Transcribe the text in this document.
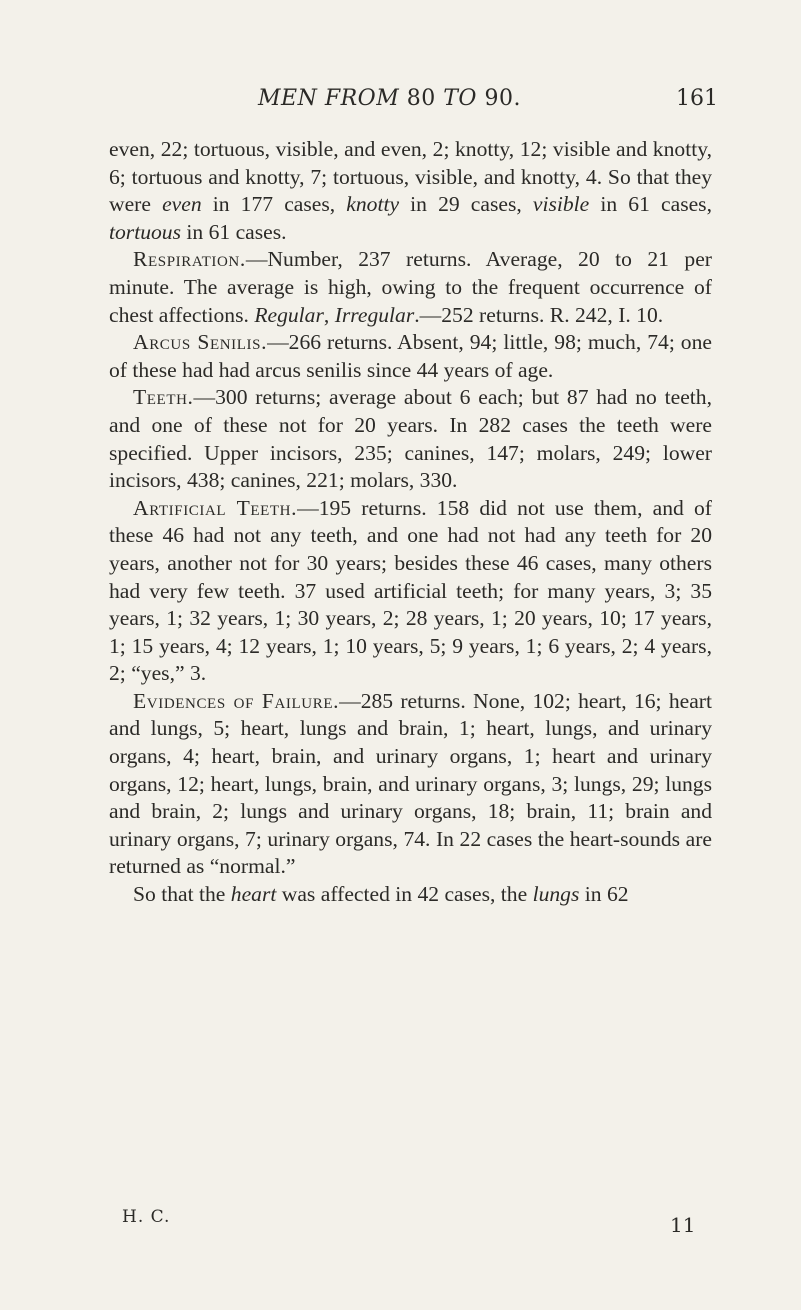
MEN FROM 80 TO 90.	161

even, 22; tortuous, visible, and even, 2; knotty, 12; visible and knotty, 6; tortuous and knotty, 7; tortuous, visible, and knotty, 4. So that they were even in 177 cases, knotty in 29 cases, visible in 61 cases, tortuous in 61 cases.

Respiration.—Number, 237 returns. Average, 20 to 21 per minute. The average is high, owing to the frequent occurrence of chest affections. Regular, Irregular.—252 returns. R. 242, I. 10.

Arcus Senilis.—266 returns. Absent, 94; little, 98; much, 74; one of these had had arcus senilis since 44 years of age.

Teeth.—300 returns; average about 6 each; but 87 had no teeth, and one of these not for 20 years. In 282 cases the teeth were specified. Upper incisors, 235; canines, 147; molars, 249; lower incisors, 438; canines, 221; molars, 330.

Artificial Teeth.—195 returns. 158 did not use them, and of these 46 had not any teeth, and one had not had any teeth for 20 years, another not for 30 years; besides these 46 cases, many others had very few teeth. 37 used artificial teeth; for many years, 3; 35 years, 1; 32 years, 1; 30 years, 2; 28 years, 1; 20 years, 10; 17 years, 1; 15 years, 4; 12 years, 1; 10 years, 5; 9 years, 1; 6 years, 2; 4 years, 2; “yes,” 3.

Evidences of Failure.—285 returns. None, 102; heart, 16; heart and lungs, 5; heart, lungs and brain, 1; heart, lungs, and urinary organs, 4; heart, brain, and urinary organs, 1; heart and urinary organs, 12; heart, lungs, brain, and urinary organs, 3; lungs, 29; lungs and brain, 2; lungs and urinary organs, 18; brain, 11; brain and urinary organs, 7; urinary organs, 74. In 22 cases the heart-sounds are returned as “normal.”

So that the heart was affected in 42 cases, the lungs in 62

H. C.	11
